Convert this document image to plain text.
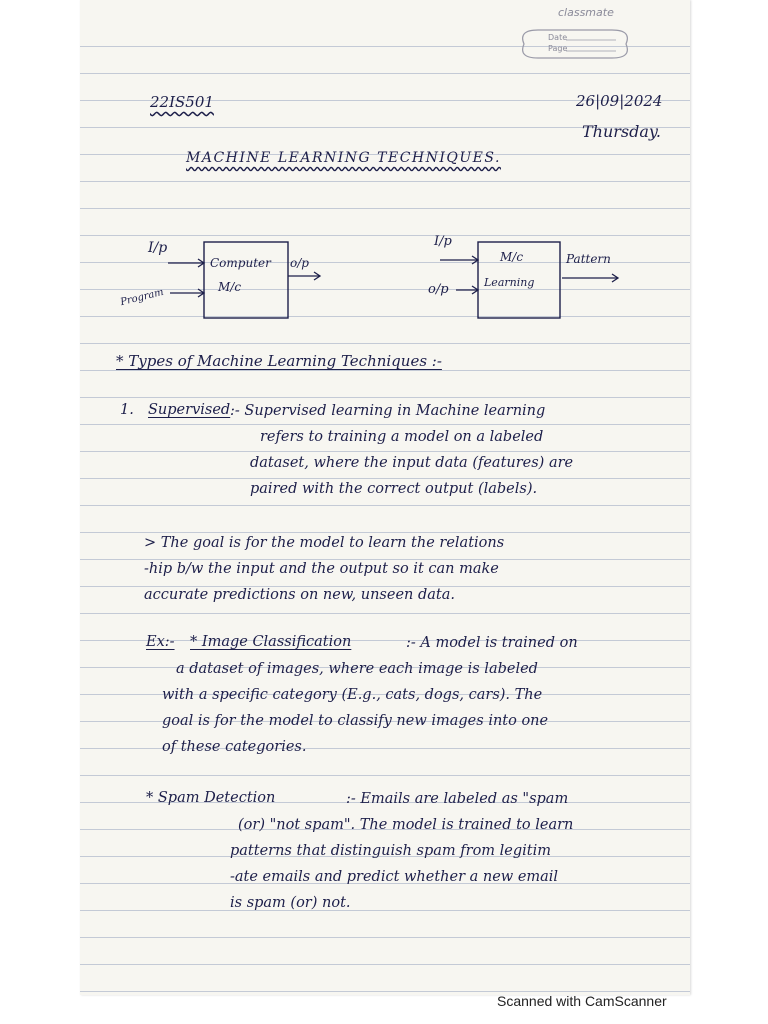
classmate
Date
Page
22IS501	26|09|2024
Thursday.
MACHINE LEARNING TECHNIQUES.
I/p
Program
Computer
M/c
o/p
I/p
o/p
M/c
Learning
Pattern
* Types of Machine Learning Techniques :-
1. Supervised :- Supervised learning in Machine learning
refers to training a model on a labeled
dataset, where the input data (features) are
paired with the correct output (labels).
> The goal is for the model to learn the relations
-hip b/w the input and the output so it can make
accurate predictions on new, unseen data.
Ex:- * Image Classification	:- A model is trained on
a dataset of images, where each image is labeled
with a specific category (E.g., cats, dogs, cars). The
goal is for the model to classify new images into one
of these categories.
* Spam Detection	:- Emails are labeled as "spam
(or) "not spam". The model is trained to learn
patterns that distinguish spam from legitim
-ate emails and predict whether a new email
is spam (or) not.
Scanned with CamScanner
